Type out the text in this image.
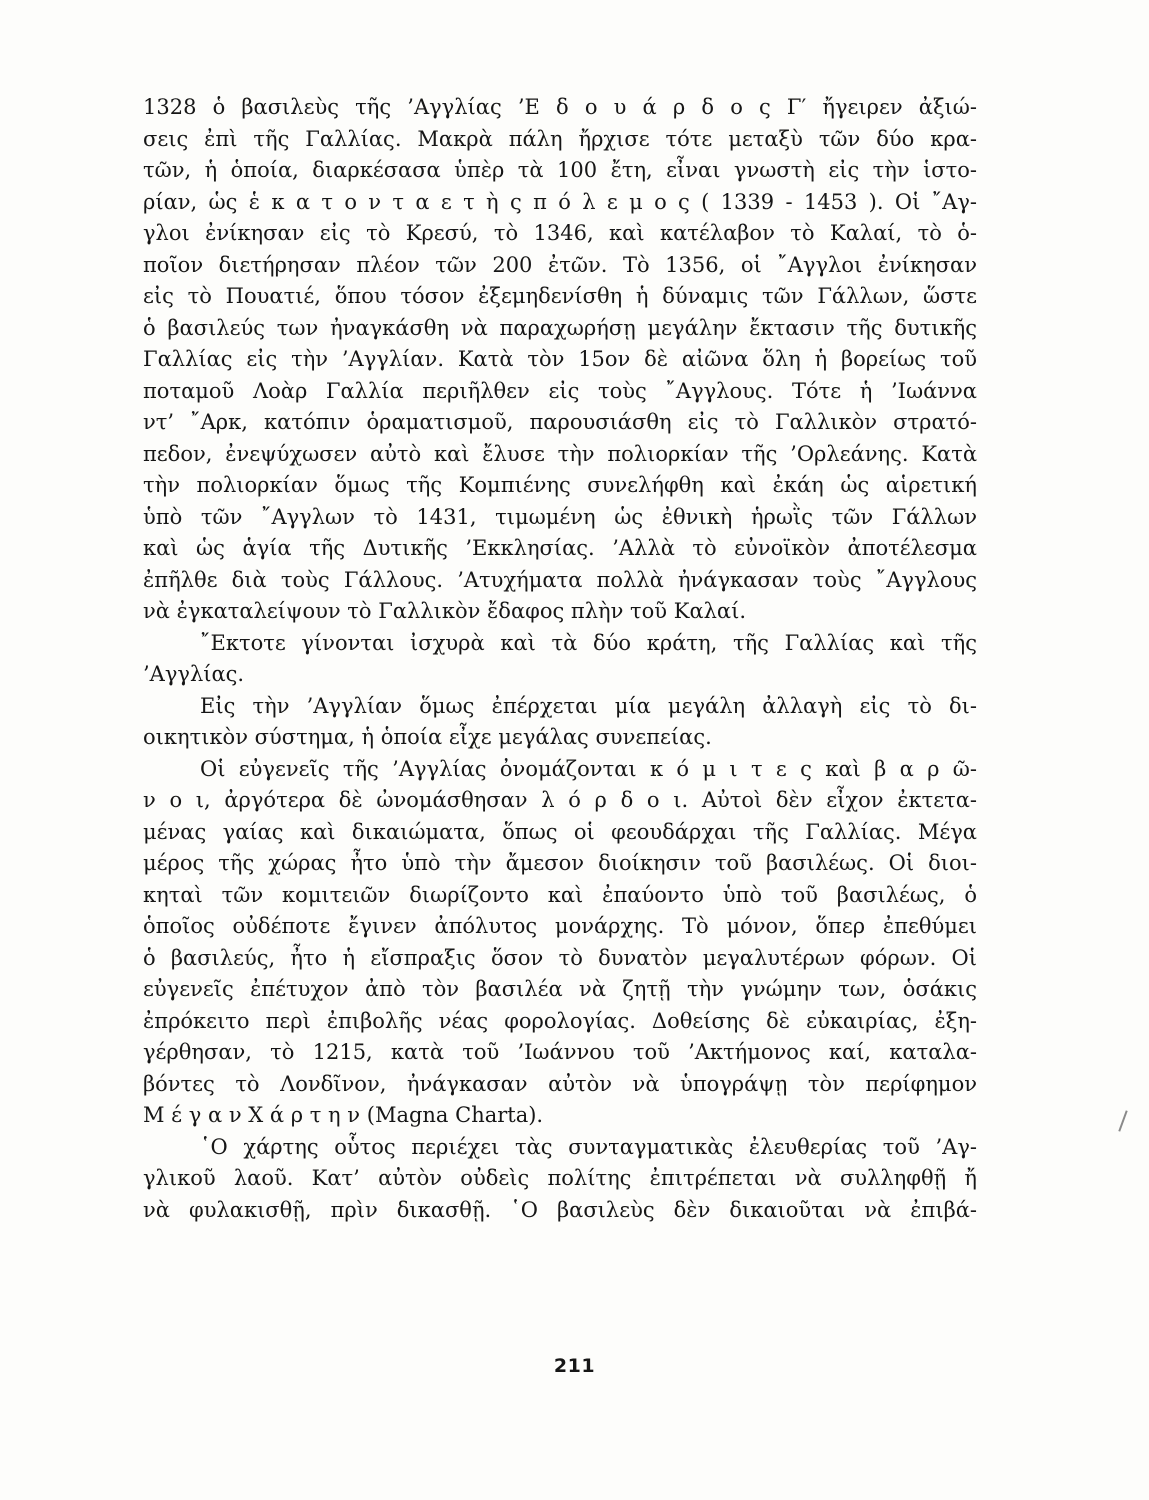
1328 ὁ βασιλεὺς τῆς ’Αγγλίας ’Ε δ ο υ ά ρ δ ο ς Γ′ ἤγειρεν ἀξιώ-
σεις ἐπὶ τῆς Γαλλίας. Μακρὰ πάλη ἤρχισε τότε μεταξὺ τῶν δύο κρα-
τῶν, ἡ ὁποία, διαρκέσασα ὑπὲρ τὰ 100 ἔτη, εἶναι γνωστὴ εἰς τὴν ἱστο-
ρίαν, ὡς ἑ κ α τ ο ν τ α ε τ ὴ ς π ό λ ε μ ο ς ( 1339 - 1453 ). Οἱ ῎Αγ-
γλοι ἐνίκησαν εἰς τὸ Κρεσύ, τὸ 1346, καὶ κατέλαβον τὸ Καλαί, τὸ ὁ-
ποῖον διετήρησαν πλέον τῶν 200 ἐτῶν. Τὸ 1356, οἱ ῎Αγγλοι ἐνίκησαν
εἰς τὸ Πουατιέ, ὅπου τόσον ἐξεμηδενίσθη ἡ δύναμις τῶν Γάλλων, ὥστε
ὁ βασιλεύς των ἠναγκάσθη νὰ παραχωρήσῃ μεγάλην ἔκτασιν τῆς δυτικῆς
Γαλλίας εἰς τὴν ’Αγγλίαν. Κατὰ τὸν 15ον δὲ αἰῶνα ὅλη ἡ βορείως τοῦ
ποταμοῦ Λοὰρ Γαλλία περιῆλθεν εἰς τοὺς ῎Αγγλους. Τότε ἡ ’Ιωάννα
ντ’ ῎Αρκ, κατόπιν ὁραματισμοῦ, παρουσιάσθη εἰς τὸ Γαλλικὸν στρατό-
πεδον, ἐνεψύχωσεν αὐτὸ καὶ ἔλυσε τὴν πολιορκίαν τῆς ’Ορλεάνης. Κατὰ
τὴν πολιορκίαν ὅμως τῆς Κομπιένης συνελήφθη καὶ ἐκάη ὡς αἱρετική
ὑπὸ τῶν ῎Αγγλων τὸ 1431, τιμωμένη ὡς ἐθνικὴ ἡρωῒς τῶν Γάλλων
καὶ ὡς ἁγία τῆς Δυτικῆς ’Εκκλησίας. ’Αλλὰ τὸ εὐνοϊκὸν ἀποτέλεσμα
ἐπῆλθε διὰ τοὺς Γάλλους. ’Ατυχήματα πολλὰ ἠνάγκασαν τοὺς ῎Αγγλους
νὰ ἐγκαταλείψουν τὸ Γαλλικὸν ἔδαφος πλὴν τοῦ Καλαί.
῎Εκτοτε γίνονται ἰσχυρὰ καὶ τὰ δύο κράτη, τῆς Γαλλίας καὶ τῆς
’Αγγλίας.
Εἰς τὴν ’Αγγλίαν ὅμως ἐπέρχεται μία μεγάλη ἀλλαγὴ εἰς τὸ δι-
οικητικὸν σύστημα, ἡ ὁποία εἶχε μεγάλας συνεπείας.
Οἱ εὐγενεῖς τῆς ’Αγγλίας ὀνομάζονται κ ό μ ι τ ε ς καὶ β α ρ ῶ-
ν ο ι, ἀργότερα δὲ ὠνομάσθησαν λ ό ρ δ ο ι. Αὐτοὶ δὲν εἶχον ἐκτετα-
μένας γαίας καὶ δικαιώματα, ὅπως οἱ φεουδάρχαι τῆς Γαλλίας. Μέγα
μέρος τῆς χώρας ἦτο ὑπὸ τὴν ἄμεσον διοίκησιν τοῦ βασιλέως. Οἱ διοι-
κηταὶ τῶν κομιτειῶν διωρίζοντο καὶ ἐπαύοντο ὑπὸ τοῦ βασιλέως, ὁ
ὁποῖος οὐδέποτε ἔγινεν ἀπόλυτος μονάρχης. Τὸ μόνον, ὅπερ ἐπεθύμει
ὁ βασιλεύς, ἦτο ἡ εἴσπραξις ὅσον τὸ δυνατὸν μεγαλυτέρων φόρων. Οἱ
εὐγενεῖς ἐπέτυχον ἀπὸ τὸν βασιλέα νὰ ζητῇ τὴν γνώμην των, ὁσάκις
ἐπρόκειτο περὶ ἐπιβολῆς νέας φορολογίας. Δοθείσης δὲ εὐκαιρίας, ἐξη-
γέρθησαν, τὸ 1215, κατὰ τοῦ ’Ιωάννου τοῦ ’Ακτήμονος καί, καταλα-
βόντες τὸ Λονδῖνον, ἠνάγκασαν αὐτὸν νὰ ὑπογράψῃ τὸν περίφημον
Μ έ γ α ν Χ ά ρ τ η ν (Magna Charta).
῾Ο χάρτης οὗτος περιέχει τὰς συνταγματικὰς ἐλευθερίας τοῦ ’Αγ-
γλικοῦ λαοῦ. Κατ’ αὐτὸν οὐδεὶς πολίτης ἐπιτρέπεται νὰ συλληφθῇ ἤ
νὰ φυλακισθῇ, πρὶν δικασθῇ. ῾Ο βασιλεὺς δὲν δικαιοῦται νὰ ἐπιβά-
211
